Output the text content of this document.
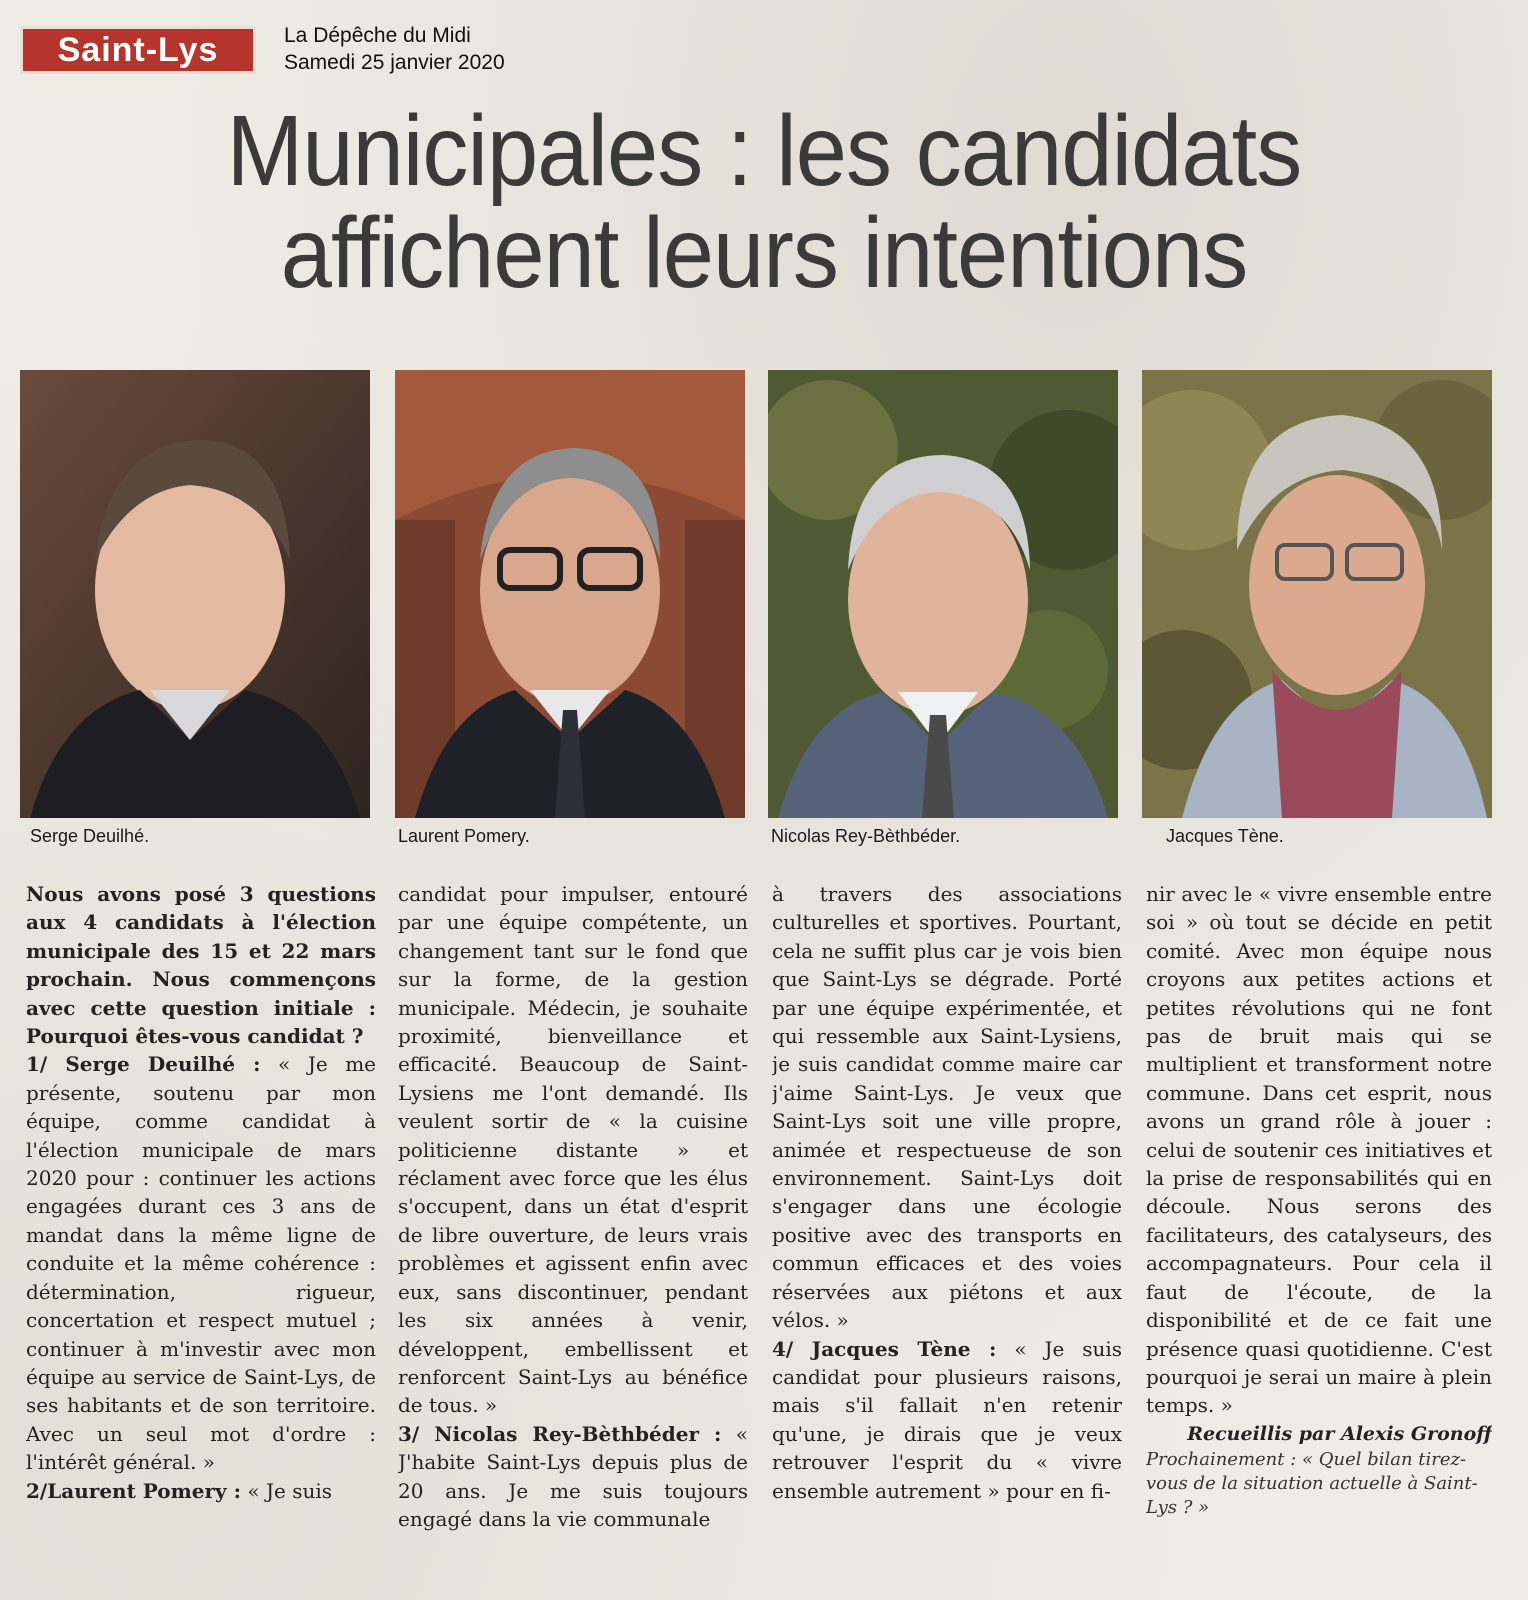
Saint-Lys	La Dépêche du Midi
Samedi 25 janvier 2020
Municipales : les candidats
affichent leurs intentions
Serge Deuilhé.	Laurent Pomery.	Nicolas Rey-Bèthbéder.	Jacques Tène.

Nous avons posé 3 questions aux 4 candidats à l'élection municipale des 15 et 22 mars prochain. Nous commençons avec cette question initiale : Pourquoi êtes-vous candidat ?

1/ Serge Deuilhé : « Je me présente, soutenu par mon équipe, comme candidat à l'élection municipale de mars 2020 pour : continuer les actions engagées durant ces 3 ans de mandat dans la même ligne de conduite et la même cohérence : détermination, rigueur, concertation et respect mutuel ; continuer à m'investir avec mon équipe au service de Saint-Lys, de ses habitants et de son territoire. Avec un seul mot d'ordre : l'intérêt général. »

2/Laurent Pomery : « Je suis

candidat pour impulser, entouré par une équipe compétente, un changement tant sur le fond que sur la forme, de la gestion municipale. Médecin, je souhaite proximité, bienveillance et efficacité. Beaucoup de Saint-Lysiens me l'ont demandé. Ils veulent sortir de « la cuisine politicienne distante » et réclament avec force que les élus s'occupent, dans un état d'esprit de libre ouverture, de leurs vrais problèmes et agissent enfin avec eux, sans discontinuer, pendant les six années à venir, développent, embellissent et renforcent Saint-Lys au bénéfice de tous. »

3/ Nicolas Rey-Bèthbéder : « J'habite Saint-Lys depuis plus de 20 ans. Je me suis toujours engagé dans la vie communale

à travers des associations culturelles et sportives. Pourtant, cela ne suffit plus car je vois bien que Saint-Lys se dégrade. Porté par une équipe expérimentée, et qui ressemble aux Saint-Lysiens, je suis candidat comme maire car j'aime Saint-Lys. Je veux que Saint-Lys soit une ville propre, animée et respectueuse de son environnement. Saint-Lys doit s'engager dans une écologie positive avec des transports en commun efficaces et des voies réservées aux piétons et aux vélos. »

4/ Jacques Tène : « Je suis candidat pour plusieurs raisons, mais s'il fallait n'en retenir qu'une, je dirais que je veux retrouver l'esprit du « vivre ensemble autrement » pour en fi-

nir avec le « vivre ensemble entre soi » où tout se décide en petit comité. Avec mon équipe nous croyons aux petites actions et petites révolutions qui ne font pas de bruit mais qui se multiplient et transforment notre commune. Dans cet esprit, nous avons un grand rôle à jouer : celui de soutenir ces initiatives et la prise de responsabilités qui en découle. Nous serons des facilitateurs, des catalyseurs, des accompagnateurs. Pour cela il faut de l'écoute, de la disponibilité et de ce fait une présence quasi quotidienne. C'est pourquoi je serai un maire à plein temps. »

Recueillis par Alexis Gronoff

Prochainement : « Quel bilan tirez-vous de la situation actuelle à Saint-Lys ? »
